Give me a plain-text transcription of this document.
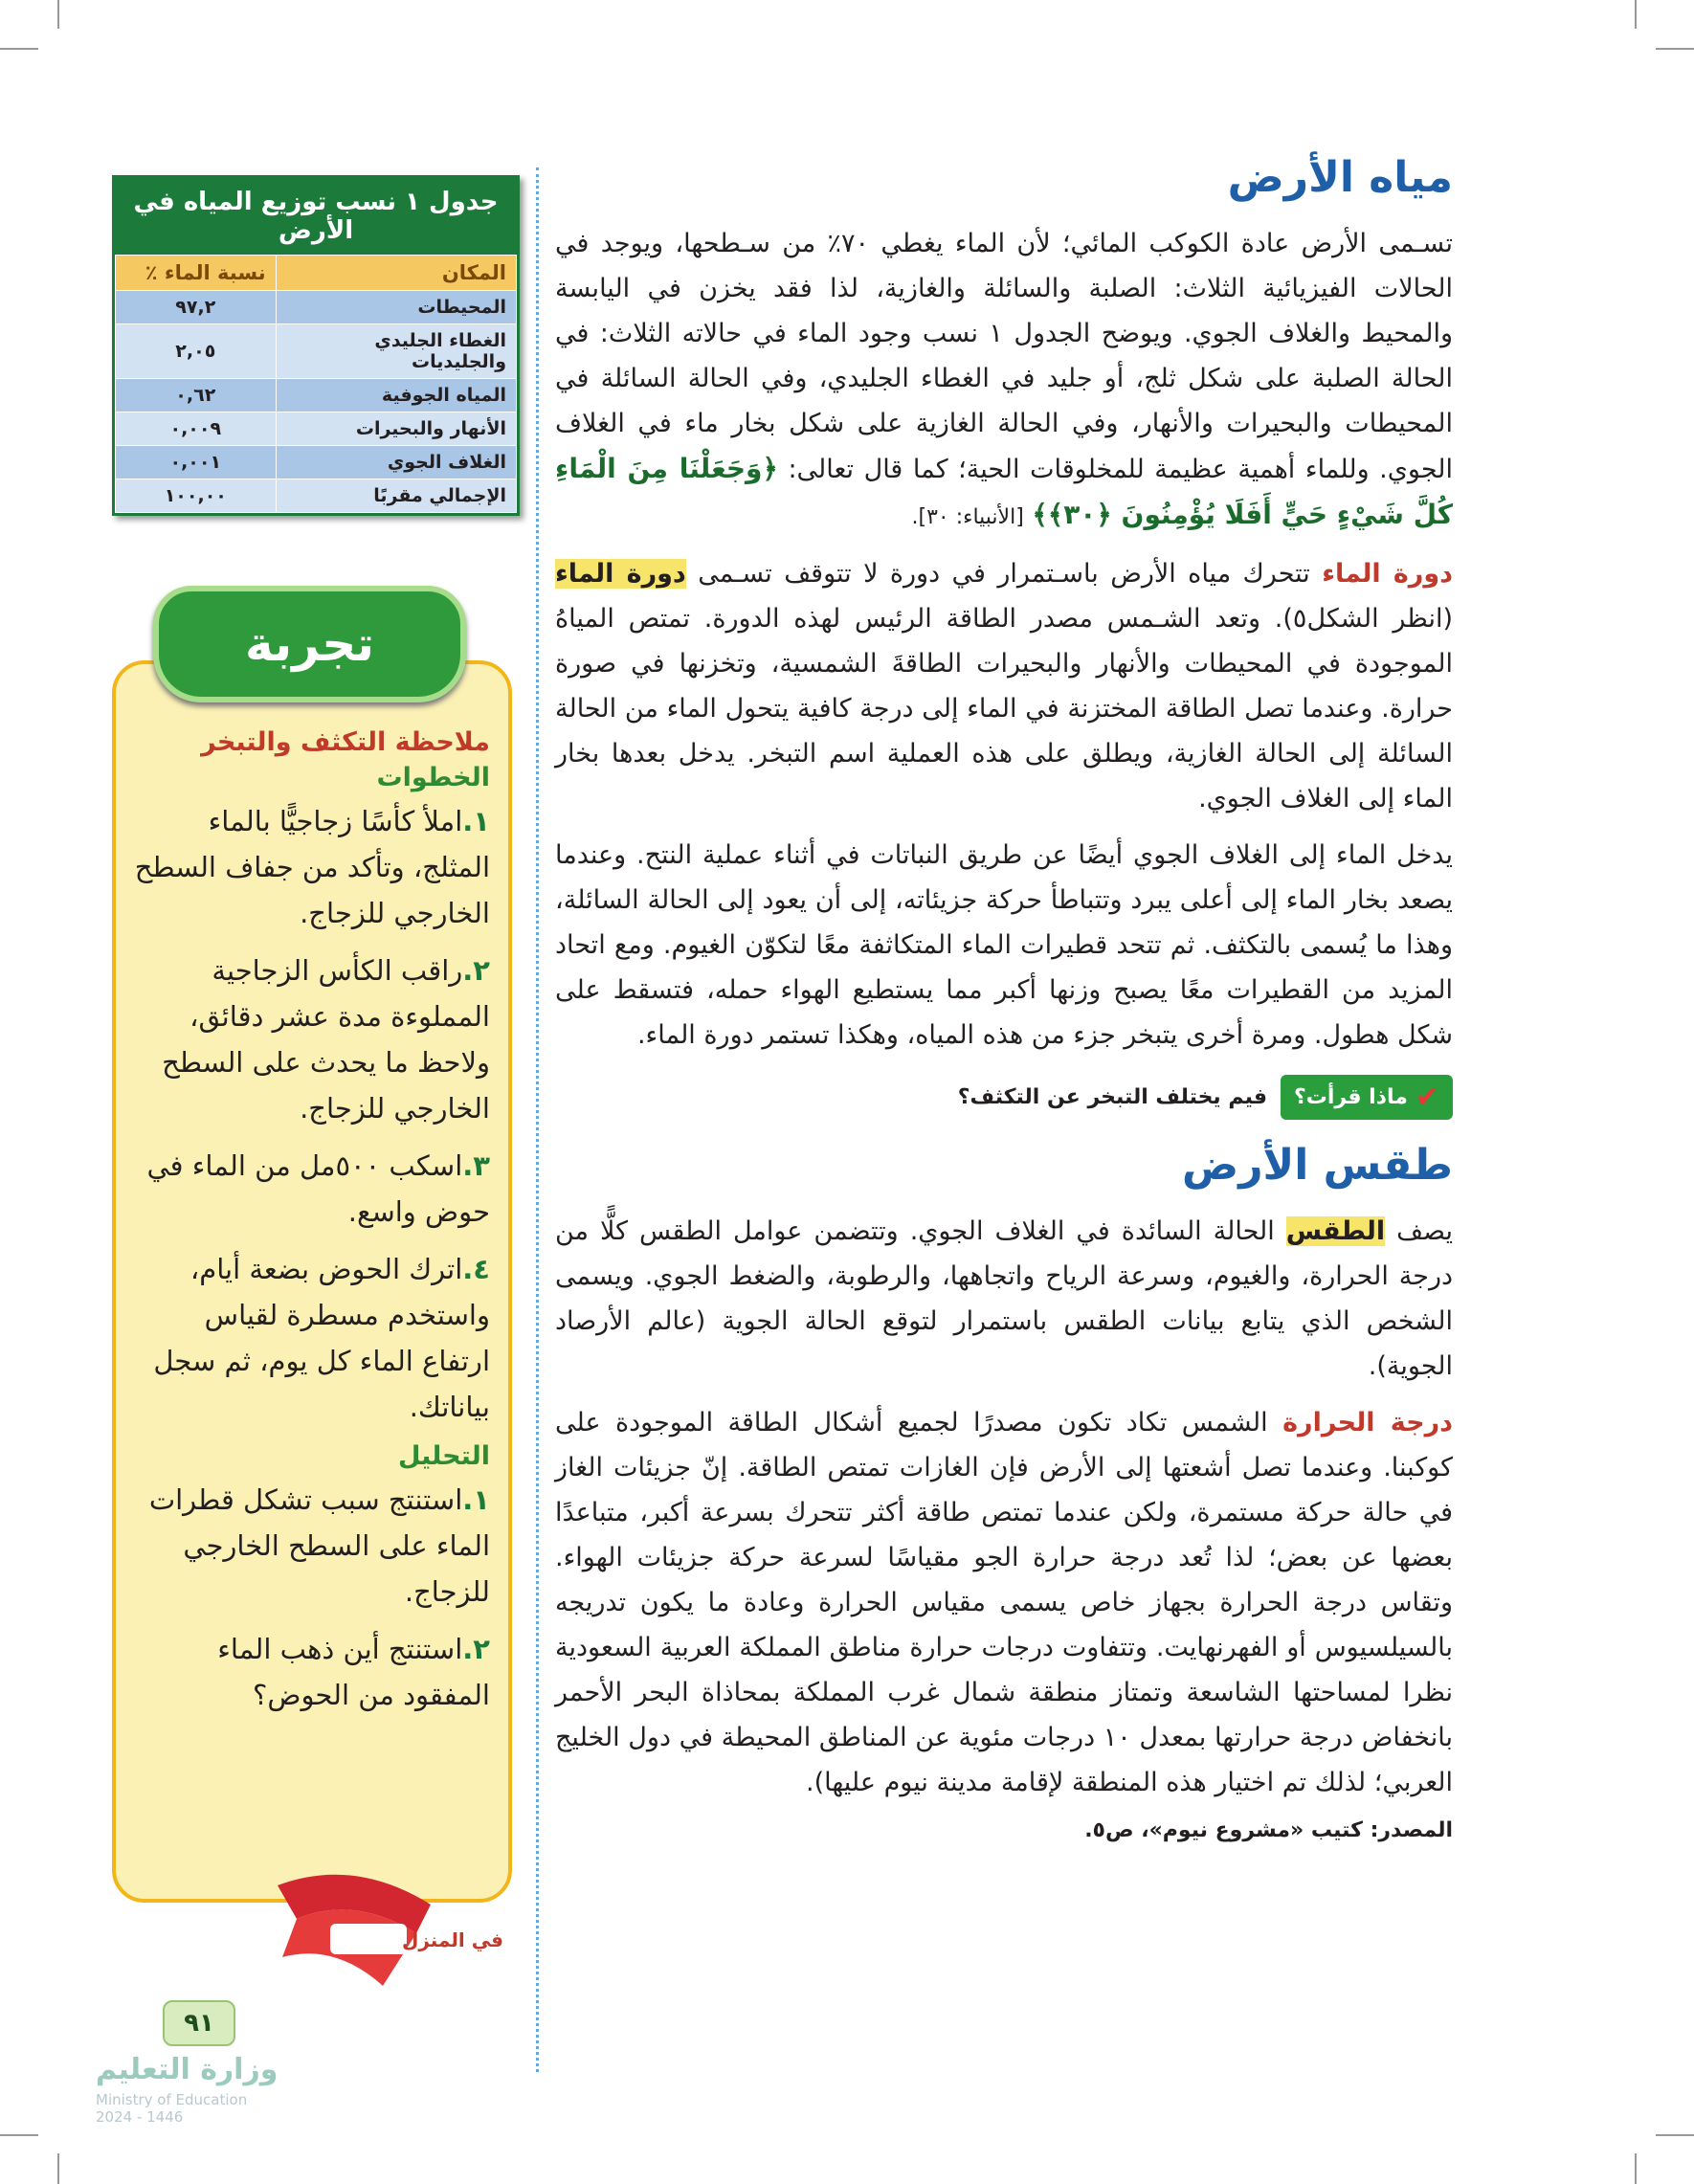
مياه الأرض

تسـمى الأرض عادة الكوكب المائي؛ لأن الماء يغطي ٧٠٪ من سـطحها، ويوجد في الحالات الفيزيائية الثلاث: الصلبة والسائلة والغازية، لذا فقد يخزن في اليابسة والمحيط والغلاف الجوي. ويوضح الجدول ١ نسب وجود الماء في حالاته الثلاث: في الحالة الصلبة على شكل ثلج، أو جليد في الغطاء الجليدي، وفي الحالة السائلة في المحيطات والبحيرات والأنهار، وفي الحالة الغازية على شكل بخار ماء في الغلاف الجوي. وللماء أهمية عظيمة للمخلوقات الحية؛ كما قال تعالى: ﴿وَجَعَلْنَا مِنَ الْمَاءِ كُلَّ شَيْءٍ حَيٍّ أَفَلَا يُؤْمِنُونَ ﴿٣٠﴾﴾ [الأنبياء: ٣٠].

دورة الماء تتحرك مياه الأرض باسـتمرار في دورة لا تتوقف تسـمى دورة الماء (انظر الشكل٥). وتعد الشـمس مصدر الطاقة الرئيس لهذه الدورة. تمتص المياهُ الموجودة في المحيطات والأنهار والبحيرات الطاقةَ الشمسية، وتخزنها في صورة حرارة. وعندما تصل الطاقة المختزنة في الماء إلى درجة كافية يتحول الماء من الحالة السائلة إلى الحالة الغازية، ويطلق على هذه العملية اسم التبخر. يدخل بعدها بخار الماء إلى الغلاف الجوي.

يدخل الماء إلى الغلاف الجوي أيضًا عن طريق النباتات في أثناء عملية النتح. وعندما يصعد بخار الماء إلى أعلى يبرد وتتباطأ حركة جزيئاته، إلى أن يعود إلى الحالة السائلة، وهذا ما يُسمى بالتكثف. ثم تتحد قطيرات الماء المتكاثفة معًا لتكوّن الغيوم. ومع اتحاد المزيد من القطيرات معًا يصبح وزنها أكبر مما يستطيع الهواء حمله، فتسقط على شكل هطول. ومرة أخرى يتبخر جزء من هذه المياه، وهكذا تستمر دورة الماء.

✔
ماذا قرأت؟
فيم يختلف التبخر عن التكثف؟
طقس الأرض

يصف الطقس الحالة السائدة في الغلاف الجوي. وتتضمن عوامل الطقس كلًّا من درجة الحرارة، والغيوم، وسرعة الرياح واتجاهها، والرطوبة، والضغط الجوي. ويسمى الشخص الذي يتابع بيانات الطقس باستمرار لتوقع الحالة الجوية (عالم الأرصاد الجوية).

درجة الحرارة الشمس تكاد تكون مصدرًا لجميع أشكال الطاقة الموجودة على كوكبنا. وعندما تصل أشعتها إلى الأرض فإن الغازات تمتص الطاقة. إنّ جزيئات الغاز في حالة حركة مستمرة، ولكن عندما تمتص طاقة أكثر تتحرك بسرعة أكبر، متباعدًا بعضها عن بعض؛ لذا تُعد درجة حرارة الجو مقياسًا لسرعة حركة جزيئات الهواء. وتقاس درجة الحرارة بجهاز خاص يسمى مقياس الحرارة وعادة ما يكون تدريجه بالسيلسيوس أو الفهرنهايت. وتتفاوت درجات حرارة مناطق المملكة العربية السعودية نظرا لمساحتها الشاسعة وتمتاز منطقة شمال غرب المملكة بمحاذاة البحر الأحمر بانخفاض درجة حرارتها بمعدل ١٠ درجات مئوية عن المناطق المحيطة في دول الخليج العربي؛ لذلك تم اختيار هذه المنطقة لإقامة مدينة نيوم عليها).

المصدر: كتيب «مشروع نيوم»، ص٥.
جدول ١ نسب توزيع المياه في الأرض
المكان	نسبة الماء ٪
المحيطات	٩٧,٢
الغطاء الجليدي والجليديات	٢,٠٥
المياه الجوفية	٠,٦٢
الأنهار والبحيرات	٠,٠٠٩
الغلاف الجوي	٠,٠٠١
الإجمالي مقربًا	١٠٠,٠٠
تجربة
ملاحظة التكثف والتبخر
الخطوات
١.املأ كأسًا زجاجيًّا بالماء المثلج، وتأكد من جفاف السطح الخارجي للزجاج.
٢.راقب الكأس الزجاجية المملوءة مدة عشر دقائق، ولاحظ ما يحدث على السطح الخارجي للزجاج.
٣.اسكب ٥٠٠مل من الماء في حوض واسع.
٤.اترك الحوض بضعة أيام، واستخدم مسطرة لقياس ارتفاع الماء كل يوم، ثم سجل بياناتك.
التحليل
١.استنتج سبب تشكل قطرات الماء على السطح الخارجي للزجاج.
٢.استنتج أين ذهب الماء المفقود من الحوض؟
في المنزل
٩١
وزارة التعليم
Ministry of Education
2024 - 1446
